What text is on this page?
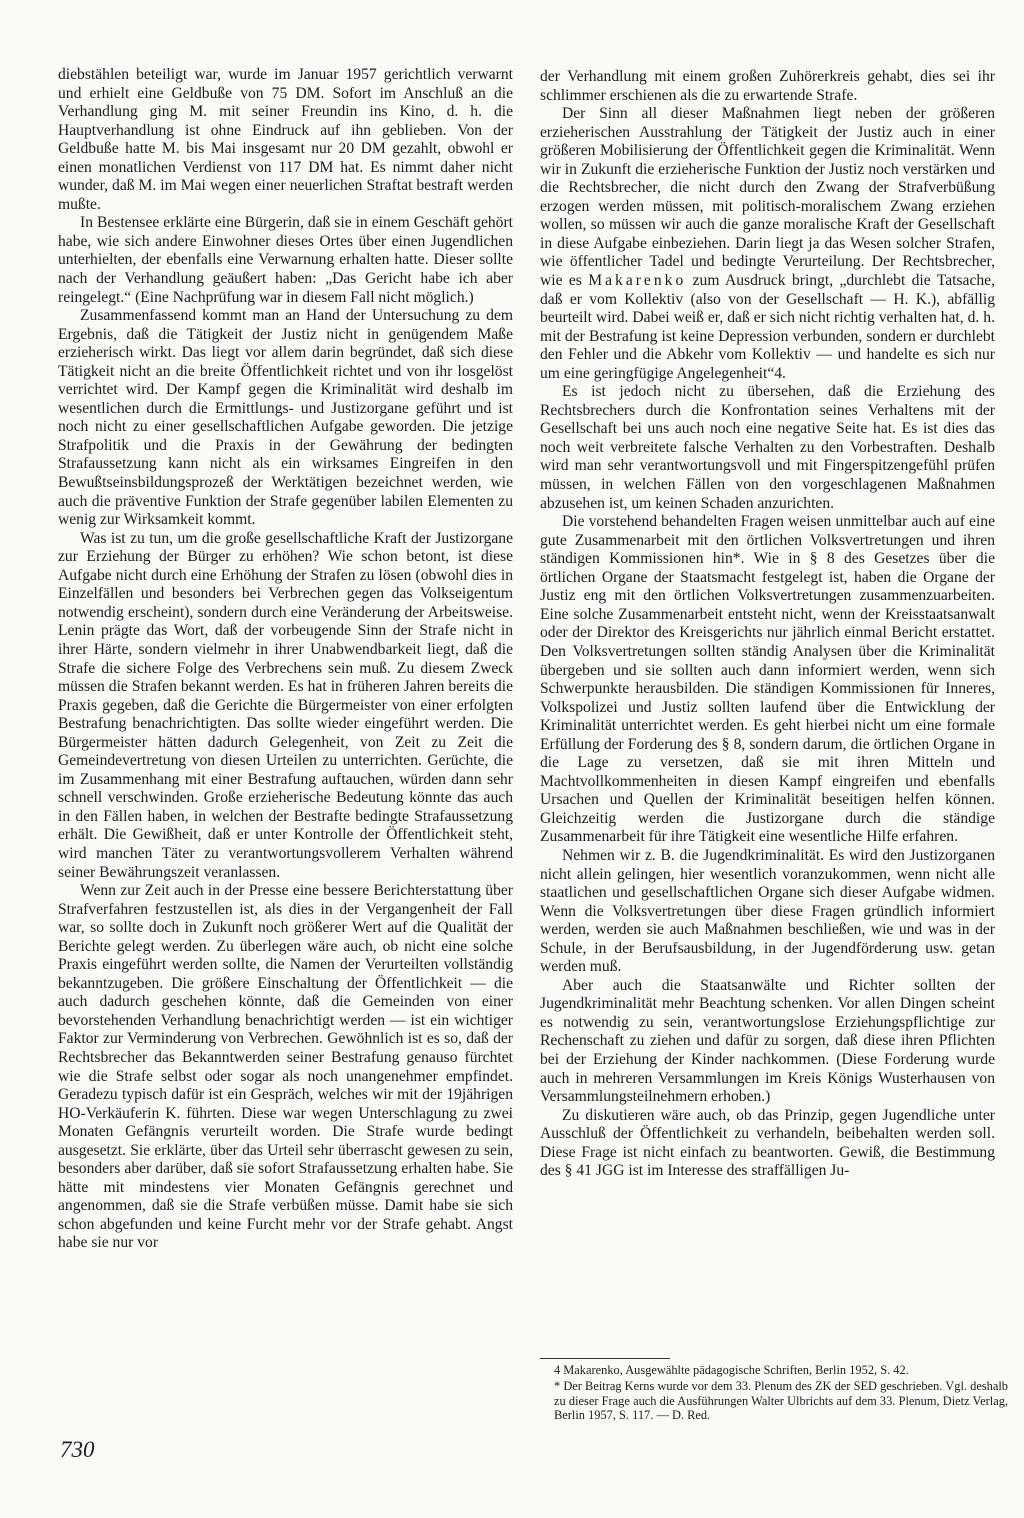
diebstählen beteiligt war, wurde im Januar 1957 gerichtlich verwarnt und erhielt eine Geldbuße von 75 DM. Sofort im Anschluß an die Verhandlung ging M. mit seiner Freundin ins Kino, d. h. die Hauptverhandlung ist ohne Eindruck auf ihn geblieben. Von der Geldbuße hatte M. bis Mai insgesamt nur 20 DM gezahlt, obwohl er einen monatlichen Verdienst von 117 DM hat. Es nimmt daher nicht wunder, daß M. im Mai wegen einer neuerlichen Straftat bestraft werden mußte.

In Bestensee erklärte eine Bürgerin, daß sie in einem Geschäft gehört habe, wie sich andere Einwohner dieses Ortes über einen Jugendlichen unterhielten, der ebenfalls eine Verwarnung erhalten hatte. Dieser sollte nach der Verhandlung geäußert haben: „Das Gericht habe ich aber reingelegt.“ (Eine Nachprüfung war in diesem Fall nicht möglich.)

Zusammenfassend kommt man an Hand der Untersuchung zu dem Ergebnis, daß die Tätigkeit der Justiz nicht in genügendem Maße erzieherisch wirkt. Das liegt vor allem darin begründet, daß sich diese Tätigkeit nicht an die breite Öffentlichkeit richtet und von ihr losgelöst verrichtet wird. Der Kampf gegen die Kriminalität wird deshalb im wesentlichen durch die Ermittlungs- und Justizorgane geführt und ist noch nicht zu einer gesellschaftlichen Aufgabe geworden. Die jetzige Strafpolitik und die Praxis in der Gewährung der bedingten Strafaussetzung kann nicht als ein wirksames Eingreifen in den Bewußtseinsbildungsprozeß der Werktätigen bezeichnet werden, wie auch die präventive Funktion der Strafe gegenüber labilen Elementen zu wenig zur Wirksamkeit kommt.

Was ist zu tun, um die große gesellschaftliche Kraft der Justizorgane zur Erziehung der Bürger zu erhöhen? Wie schon betont, ist diese Aufgabe nicht durch eine Erhöhung der Strafen zu lösen (obwohl dies in Einzelfällen und besonders bei Verbrechen gegen das Volkseigentum notwendig erscheint), sondern durch eine Veränderung der Arbeitsweise. Lenin prägte das Wort, daß der vorbeugende Sinn der Strafe nicht in ihrer Härte, sondern vielmehr in ihrer Unabwendbarkeit liegt, daß die Strafe die sichere Folge des Verbrechens sein muß. Zu diesem Zweck müssen die Strafen bekannt werden. Es hat in früheren Jahren bereits die Praxis gegeben, daß die Gerichte die Bürgermeister von einer erfolgten Bestrafung benachrichtigten. Das sollte wieder eingeführt werden. Die Bürgermeister hätten dadurch Gelegenheit, von Zeit zu Zeit die Gemeindevertretung von diesen Urteilen zu unterrichten. Gerüchte, die im Zusammenhang mit einer Bestrafung auftauchen, würden dann sehr schnell verschwinden. Große erzieherische Bedeutung könnte das auch in den Fällen haben, in welchen der Bestrafte bedingte Strafaussetzung erhält. Die Gewißheit, daß er unter Kontrolle der Öffentlichkeit steht, wird manchen Täter zu verantwortungsvollerem Verhalten während seiner Bewährungszeit veranlassen.

Wenn zur Zeit auch in der Presse eine bessere Berichterstattung über Strafverfahren festzustellen ist, als dies in der Vergangenheit der Fall war, so sollte doch in Zukunft noch größerer Wert auf die Qualität der Berichte gelegt werden. Zu überlegen wäre auch, ob nicht eine solche Praxis eingeführt werden sollte, die Namen der Verurteilten vollständig bekanntzugeben. Die größere Einschaltung der Öffentlichkeit — die auch dadurch geschehen könnte, daß die Gemeinden von einer bevorstehenden Verhandlung benachrichtigt werden — ist ein wichtiger Faktor zur Verminderung von Verbrechen. Gewöhnlich ist es so, daß der Rechtsbrecher das Bekanntwerden seiner Bestrafung genauso fürchtet wie die Strafe selbst oder sogar als noch unangenehmer empfindet. Geradezu typisch dafür ist ein Gespräch, welches wir mit der 19jährigen HO-Verkäuferin K. führten. Diese war wegen Unterschlagung zu zwei Monaten Gefängnis verurteilt worden. Die Strafe wurde bedingt ausgesetzt. Sie erklärte, über das Urteil sehr überrascht gewesen zu sein, besonders aber darüber, daß sie sofort Strafaussetzung erhalten habe. Sie hätte mit mindestens vier Monaten Gefängnis gerechnet und angenommen, daß sie die Strafe verbüßen müsse. Damit habe sie sich schon abgefunden und keine Furcht mehr vor der Strafe gehabt. Angst habe sie nur vor

der Verhandlung mit einem großen Zuhörerkreis gehabt, dies sei ihr schlimmer erschienen als die zu erwartende Strafe.

Der Sinn all dieser Maßnahmen liegt neben der größeren erzieherischen Ausstrahlung der Tätigkeit der Justiz auch in einer größeren Mobilisierung der Öffentlichkeit gegen die Kriminalität. Wenn wir in Zukunft die erzieherische Funktion der Justiz noch verstärken und die Rechtsbrecher, die nicht durch den Zwang der Strafverbüßung erzogen werden müssen, mit politisch-moralischem Zwang erziehen wollen, so müssen wir auch die ganze moralische Kraft der Gesellschaft in diese Aufgabe einbeziehen. Darin liegt ja das Wesen solcher Strafen, wie öffentlicher Tadel und bedingte Verurteilung. Der Rechtsbrecher, wie es Makarenko zum Ausdruck bringt, „durchlebt die Tatsache, daß er vom Kollektiv (also von der Gesellschaft — H. K.), abfällig beurteilt wird. Dabei weiß er, daß er sich nicht richtig verhalten hat, d. h. mit der Bestrafung ist keine Depression verbunden, sondern er durchlebt den Fehler und die Abkehr vom Kollektiv — und handelte es sich nur um eine geringfügige Angelegenheit“4.

Es ist jedoch nicht zu übersehen, daß die Erziehung des Rechtsbrechers durch die Konfrontation seines Verhaltens mit der Gesellschaft bei uns auch noch eine negative Seite hat. Es ist dies das noch weit verbreitete falsche Verhalten zu den Vorbestraften. Deshalb wird man sehr verantwortungsvoll und mit Fingerspitzengefühl prüfen müssen, in welchen Fällen von den vorgeschlagenen Maßnahmen abzusehen ist, um keinen Schaden anzurichten.

Die vorstehend behandelten Fragen weisen unmittelbar auch auf eine gute Zusammenarbeit mit den örtlichen Volksvertretungen und ihren ständigen Kommissionen hin*. Wie in § 8 des Gesetzes über die örtlichen Organe der Staatsmacht festgelegt ist, haben die Organe der Justiz eng mit den örtlichen Volksvertretungen zusammenzuarbeiten. Eine solche Zusammenarbeit entsteht nicht, wenn der Kreisstaatsanwalt oder der Direktor des Kreisgerichts nur jährlich einmal Bericht erstattet. Den Volksvertretungen sollten ständig Analysen über die Kriminalität übergeben und sie sollten auch dann informiert werden, wenn sich Schwerpunkte herausbilden. Die ständigen Kommissionen für Inneres, Volkspolizei und Justiz sollten laufend über die Entwicklung der Kriminalität unterrichtet werden. Es geht hierbei nicht um eine formale Erfüllung der Forderung des § 8, sondern darum, die örtlichen Organe in die Lage zu versetzen, daß sie mit ihren Mitteln und Machtvollkommenheiten in diesen Kampf eingreifen und ebenfalls Ursachen und Quellen der Kriminalität beseitigen helfen können. Gleichzeitig werden die Justizorgane durch die ständige Zusammenarbeit für ihre Tätigkeit eine wesentliche Hilfe erfahren.

Nehmen wir z. B. die Jugendkriminalität. Es wird den Justizorganen nicht allein gelingen, hier wesentlich voranzukommen, wenn nicht alle staatlichen und gesellschaftlichen Organe sich dieser Aufgabe widmen. Wenn die Volksvertretungen über diese Fragen gründlich informiert werden, werden sie auch Maßnahmen beschließen, wie und was in der Schule, in der Berufsausbildung, in der Jugendförderung usw. getan werden muß.

Aber auch die Staatsanwälte und Richter sollten der Jugendkriminalität mehr Beachtung schenken. Vor allen Dingen scheint es notwendig zu sein, verantwortungslose Erziehungspflichtige zur Rechenschaft zu ziehen und dafür zu sorgen, daß diese ihren Pflichten bei der Erziehung der Kinder nachkommen. (Diese Forderung wurde auch in mehreren Versammlungen im Kreis Königs Wusterhausen von Versammlungsteilnehmern erhoben.)

Zu diskutieren wäre auch, ob das Prinzip, gegen Jugendliche unter Ausschluß der Öffentlichkeit zu verhandeln, beibehalten werden soll. Diese Frage ist nicht einfach zu beantworten. Gewiß, die Bestimmung des § 41 JGG ist im Interesse des straffälligen Ju-

4 Makarenko, Ausgewählte pädagogische Schriften, Berlin 1952, S. 42.

* Der Beitrag Kerns wurde vor dem 33. Plenum des ZK der SED geschrieben. Vgl. deshalb zu dieser Frage auch die Ausführungen Walter Ulbrichts auf dem 33. Plenum, Dietz Verlag, Berlin 1957, S. 117. — D. Red.

730
